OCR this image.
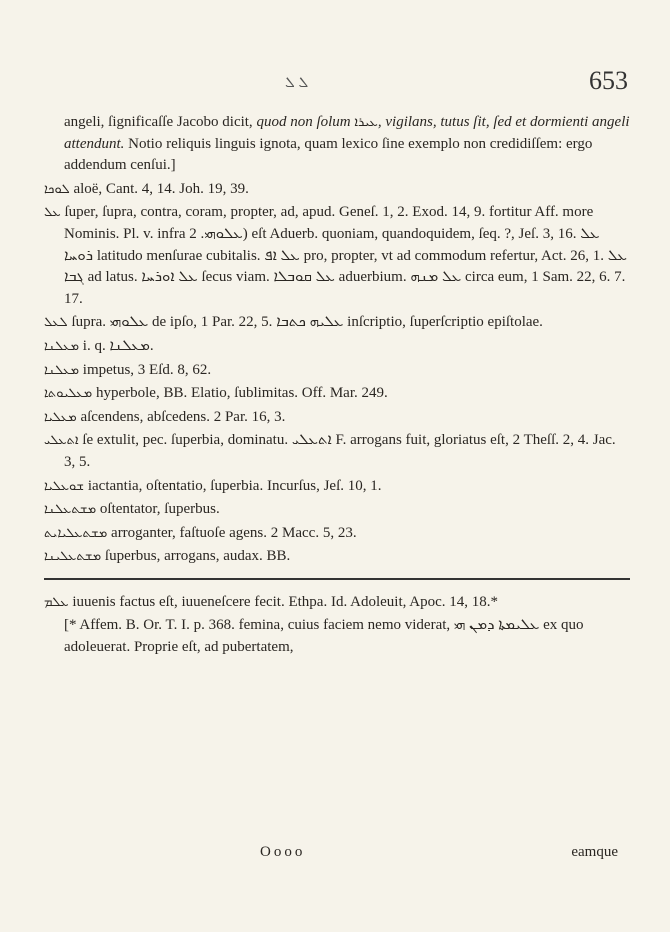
ܠ ܠ	653

angeli, ſignificaſſe Jacobo dicit, quod non ſolum ܥܝܪܐ, vigilans, tutus ſit, ſed et dormienti angeli attendunt. Notio reliquis linguis ignota, quam lexico ſine exemplo non credidiſſem: ergo addendum cenſui.]

ܠܘܟܐ aloë, Cant. 4, 14. Joh. 19, 39.

ܥܠ ſuper, ſupra, contra, coram, propter, ad, apud. Geneſ. 1, 2. Exod. 14, 9. fortitur Aff. more Nominis. Pl. v. infra ܥܠܘܗܝ. 2) eſt Aduerb. quoniam, quandoquidem, ſeq. ?, Jeſ. 3, 16. ܥܠ ܪܘܚܐ latitudo menſurae cubitalis. ܥܠ ܐܦ pro, propter, vt ad commodum refertur, Act. 26, 1. ܥܠ ܓܒܐ ad latus. ܥܠ ܐܘܪܚܐ ſecus viam. ܥܠ ܩܘܒܠܐ aduerbium. ܥܠ ܡܢܗ circa eum, 1 Sam. 22, 6. 7. 17.

ܠܥܠ ſupra. ܥܠܘܗܝ de ipſo, 1 Par. 22, 5. ܥܠܝܗ ܟܬܒܐ inſcriptio, ſuperſcriptio epiſtolae.

ܡܥܠܢܐ i. q. ܡܥܠܢܐ.

ܡܥܠܢܐ impetus, 3 Eſd. 8, 62.

ܡܥܠܝܘܬܐ hyperbole, BB. Elatio, ſublimitas. Off. Mar. 249.

ܡܥܠܝܐ aſcendens, abſcedens. 2 Par. 16, 3.

ܐܬܥܠܝ ſe extulit, pec. ſuperbia, dominatu. ܐܬܥܠܝ F. arrogans fuit, gloriatus eſt, 2 Theſſ. 2, 4. Jac. 3, 5.

ܫܘܥܠܝܐ iactantia, oſtentatio, ſuperbia. Incurſus, Jeſ. 10, 1.

ܡܫܬܥܠܢܐ oſtentator, ſuperbus.

ܡܫܬܥܠܝܐܝܬ arroganter, faſtuoſe agens. 2 Macc. 5, 23.

ܡܫܬܥܠܝܢܐ ſuperbus, arrogans, audax. BB.

ܥܠܡ iuuenis factus eſt, iuueneſcere fecit. Ethpa. Id. Adoleuit, Apoc. 14, 18.*

[* Affem. B. Or. T. I. p. 368. femina, cuius faciem nemo viderat, ܥܠܝܡܬܐ ܕܡܢ ܗܝ ex quo adoleuerat. Proprie eſt, ad pubertatem,

Oooo	eamque
